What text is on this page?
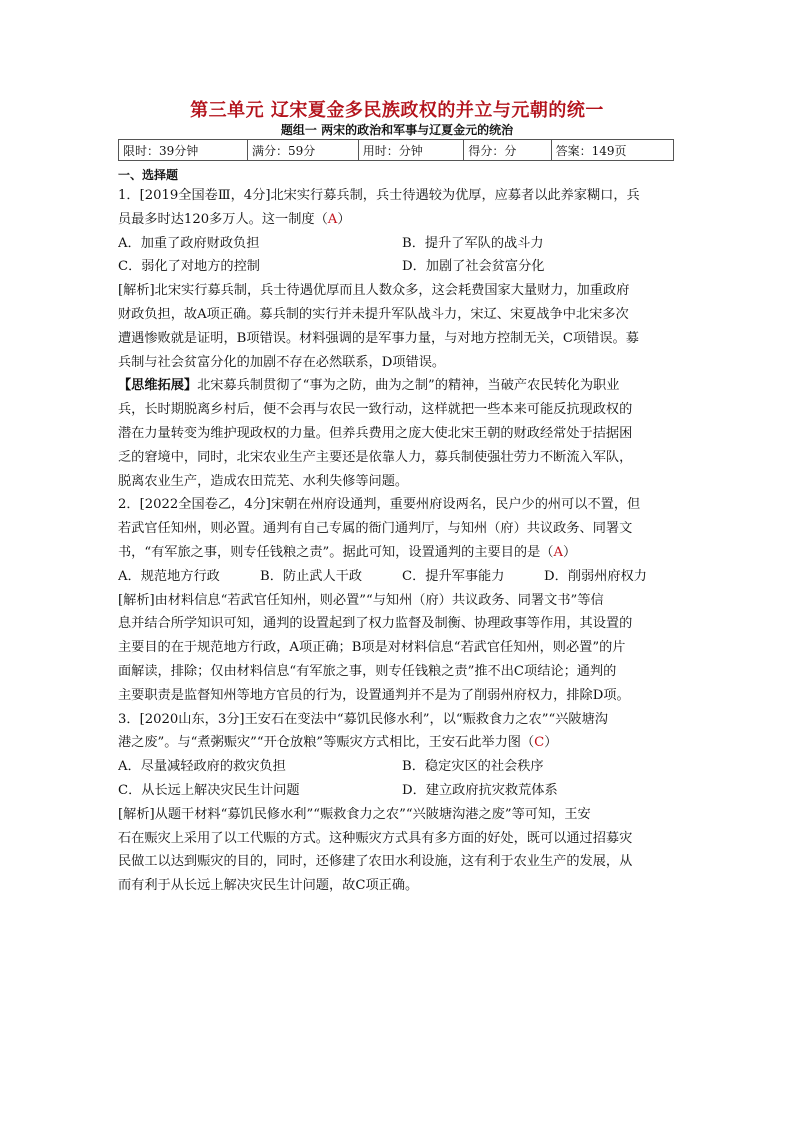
第三单元 辽宋夏金多民族政权的并立与元朝的统一
题组一 两宋的政治和军事与辽夏金元的统治
限时：39分钟	满分：59分	用时：分钟	得分：分	答案：149页
一、选择题
1．[2019全国卷Ⅲ，4分]北宋实行募兵制，兵士待遇较为优厚，应募者以此养家糊口，兵
员最多时达120多万人。这一制度（A）
A．加重了政府财政负担	B．提升了军队的战斗力
C．弱化了对地方的控制	D．加剧了社会贫富分化
[解析]北宋实行募兵制，兵士待遇优厚而且人数众多，这会耗费国家大量财力，加重政府
财政负担，故A项正确。募兵制的实行并未提升军队战斗力，宋辽、宋夏战争中北宋多次
遭遇惨败就是证明，B项错误。材料强调的是军事力量，与对地方控制无关，C项错误。募
兵制与社会贫富分化的加剧不存在必然联系，D项错误。
【思维拓展】北宋募兵制贯彻了“事为之防，曲为之制”的精神，当破产农民转化为职业
兵，长时期脱离乡村后，便不会再与农民一致行动，这样就把一些本来可能反抗现政权的
潜在力量转变为维护现政权的力量。但养兵费用之庞大使北宋王朝的财政经常处于拮据困
乏的窘境中，同时，北宋农业生产主要还是依靠人力，募兵制使强壮劳力不断流入军队，
脱离农业生产，造成农田荒芜、水利失修等问题。
2．[2022全国卷乙，4分]宋朝在州府设通判，重要州府设两名，民户少的州可以不置，但
若武官任知州，则必置。通判有自己专属的衙门通判厅，与知州（府）共议政务、同署文
书，“有军旅之事，则专任钱粮之责”。据此可知，设置通判的主要目的是（A）
A．规范地方行政	B．防止武人干政	C．提升军事能力	D．削弱州府权力
[解析]由材料信息“若武官任知州，则必置”“与知州（府）共议政务、同署文书”等信
息并结合所学知识可知，通判的设置起到了权力监督及制衡、协理政事等作用，其设置的
主要目的在于规范地方行政，A项正确；B项是对材料信息“若武官任知州，则必置”的片
面解读，排除；仅由材料信息“有军旅之事，则专任钱粮之责”推不出C项结论；通判的
主要职责是监督知州等地方官员的行为，设置通判并不是为了削弱州府权力，排除D项。
3．[2020山东，3分]王安石在变法中“募饥民修水利”，以“赈救食力之农”“兴陂塘沟
港之废”。与“煮粥赈灾”“开仓放粮”等赈灾方式相比，王安石此举力图（C）
A．尽量减轻政府的救灾负担	B．稳定灾区的社会秩序
C．从长远上解决灾民生计问题	D．建立政府抗灾救荒体系
[解析]从题干材料“募饥民修水利”“赈救食力之农”“兴陂塘沟港之废”等可知，王安
石在赈灾上采用了以工代赈的方式。这种赈灾方式具有多方面的好处，既可以通过招募灾
民做工以达到赈灾的目的，同时，还修建了农田水利设施，这有利于农业生产的发展，从
而有利于从长远上解决灾民生计问题，故C项正确。
